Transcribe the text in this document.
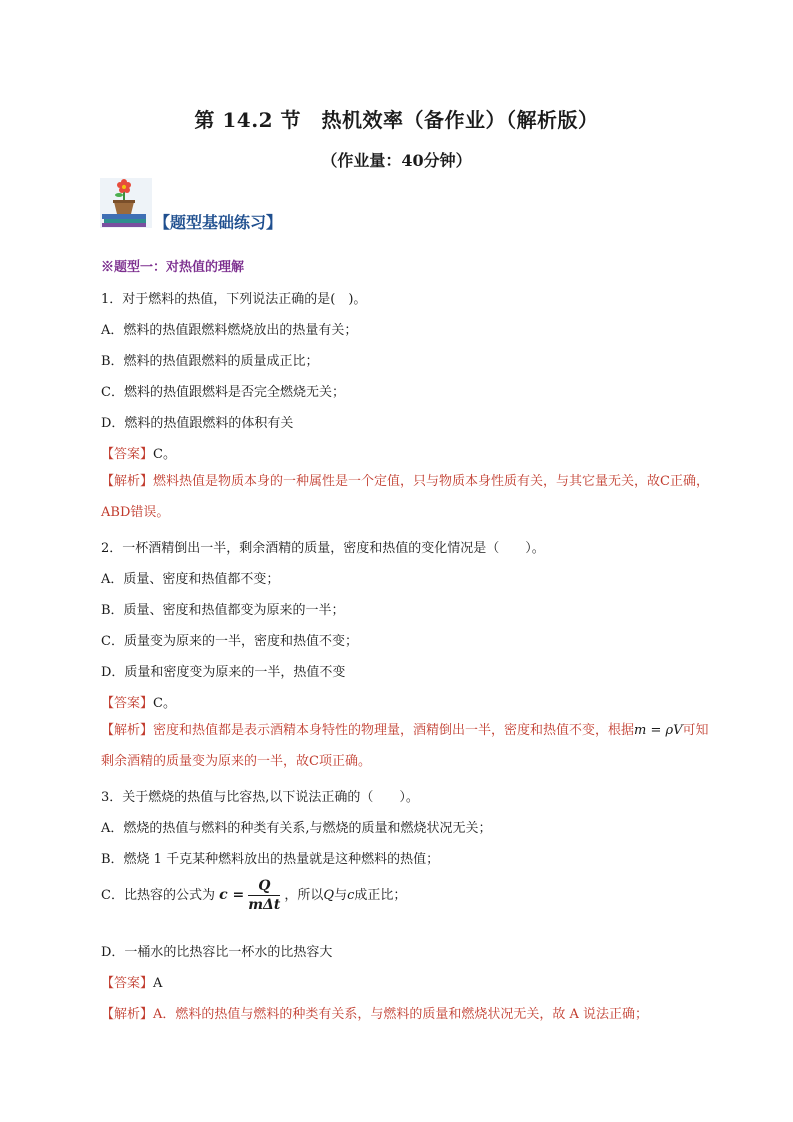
第 14.2 节　热机效率（备作业）（解析版）
（作业量：40分钟）
【题型基础练习】
※题型一：对热值的理解
1．对于燃料的热值，下列说法正确的是(　)。
A．燃料的热值跟燃料燃烧放出的热量有关；
B．燃料的热值跟燃料的质量成正比；
C．燃料的热值跟燃料是否完全燃烧无关；
D．燃料的热值跟燃料的体积有关
【答案】C。
【解析】燃料热值是物质本身的一种属性是一个定值，只与物质本身性质有关，与其它量无关，故C正确，ABD错误。
2．一杯酒精倒出一半，剩余酒精的质量，密度和热值的变化情况是（　　）。
A．质量、密度和热值都不变；
B．质量、密度和热值都变为原来的一半；
C．质量变为原来的一半，密度和热值不变；
D．质量和密度变为原来的一半，热值不变
【答案】C。
【解析】密度和热值都是表示酒精本身特性的物理量，酒精倒出一半，密度和热值不变，根据m = ρV可知剩余酒精的质量变为原来的一半，故C项正确。
3．关于燃烧的热值与比容热,以下说法正确的（　　）。
A．燃烧的热值与燃料的种类有关系,与燃烧的质量和燃烧状况无关；
B．燃烧 1 千克某种燃料放出的热量就是这种燃料的热值；
C．比热容的公式为 $c = \frac{Q}{\text{mΔt}}$ ，所以Q与c成正比；
D．一桶水的比热容比一杯水的比热容大
【答案】A
【解析】A．燃料的热值与燃料的种类有关系，与燃料的质量和燃烧状况无关，故 A 说法正确；
